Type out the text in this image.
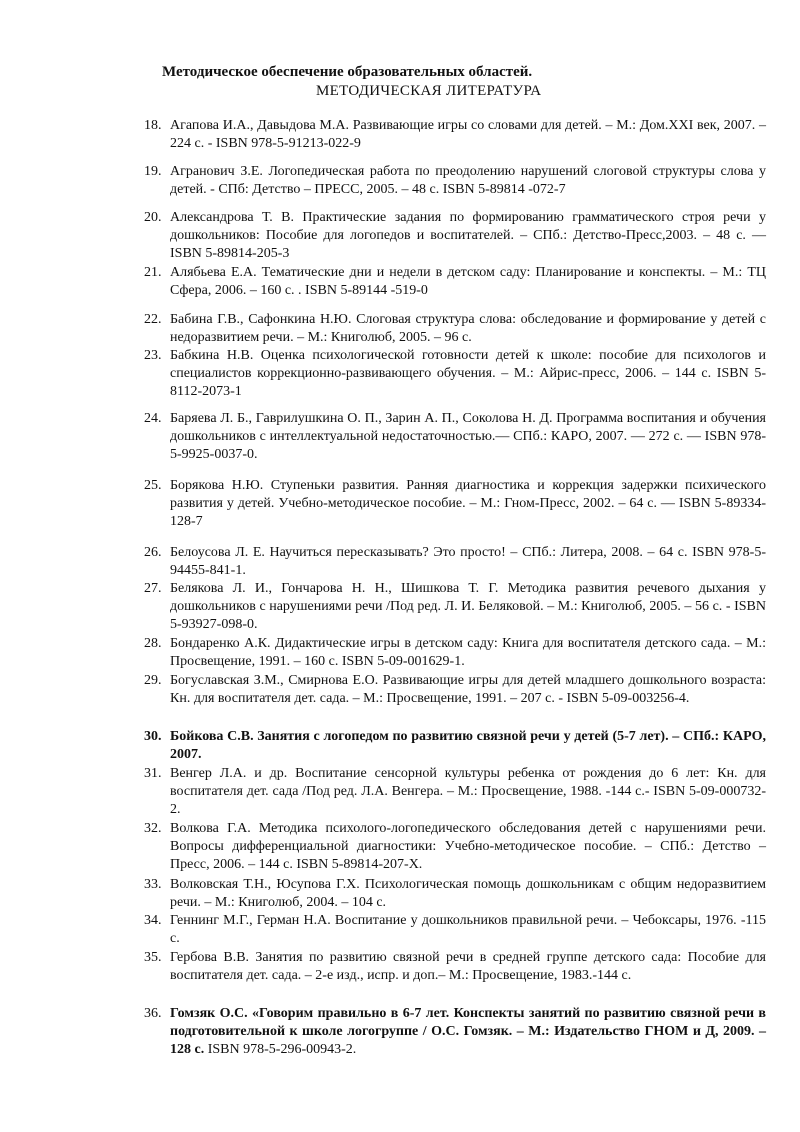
Методическое обеспечение образовательных областей.
МЕТОДИЧЕСКАЯ ЛИТЕРАТУРА
18. Агапова И.А., Давыдова М.А. Развивающие игры со словами для детей. – М.: Дом.XXI век, 2007. – 224 с. - ISBN 978-5-91213-022-9
19. Агранович З.Е. Логопедическая работа по преодолению нарушений слоговой структуры слова у детей. - СПб: Детство – ПРЕСС, 2005. – 48 с. ISBN 5-89814 -072-7
20. Александрова Т. В. Практические задания по формированию грамматического строя речи у дошкольников: Пособие для логопедов и воспитателей. – СПб.: Детство-Пресс,2003. – 48 с. — ISBN 5-89814-205-3
21. Алябьева Е.А. Тематические дни и недели в детском саду: Планирование и конспекты. – М.: ТЦ Сфера, 2006. – 160 с. . ISBN 5-89144 -519-0
22. Бабина Г.В., Сафонкина Н.Ю. Слоговая структура слова: обследование и формирование у детей с недоразвитием речи. – М.: Книголюб, 2005. – 96 с.
23. Бабкина Н.В. Оценка психологической готовности детей к школе: пособие для психологов и специалистов коррекционно-развивающего обучения. – М.: Айрис-пресс, 2006. – 144 с. ISBN 5-8112-2073-1
24. Баряева Л. Б., Гаврилушкина О. П., Зарин А. П., Соколова Н. Д. Программа воспитания и обучения дошкольников с интеллектуальной недостаточностью.— СПб.: КАРО, 2007. — 272 с. — ISBN 978-5-9925-0037-0.
25. Борякова Н.Ю. Ступеньки развития. Ранняя диагностика и коррекция задержки психического развития у детей. Учебно-методическое пособие. – М.: Гном-Пресс, 2002. – 64 с. — ISBN 5-89334-128-7
26. Белоусова Л. Е. Научиться пересказывать? Это просто! – СПб.: Литера, 2008. – 64 с. ISBN 978-5-94455-841-1.
27. Белякова Л. И., Гончарова Н. Н., Шишкова Т. Г. Методика развития речевого дыхания у дошкольников с нарушениями речи /Под ред. Л. И. Беляковой. – М.: Книголюб, 2005. – 56 с. - ISBN 5-93927-098-0.
28. Бондаренко А.К. Дидактические игры в детском саду: Книга для воспитателя детского сада. – М.: Просвещение, 1991. – 160 с. ISBN 5-09-001629-1.
29. Богуславская З.М., Смирнова Е.О. Развивающие игры для детей младшего дошкольного возраста: Кн. для воспитателя дет. сада. – М.: Просвещение, 1991. – 207 с. - ISBN 5-09-003256-4.
30. Бойкова С.В. Занятия с логопедом по развитию связной речи у детей (5-7 лет). – СПб.: КАРО, 2007.
31. Венгер Л.А. и др. Воспитание сенсорной культуры ребенка от рождения до 6 лет: Кн. для воспитателя дет. сада /Под ред. Л.А. Венгера. – М.: Просвещение, 1988. -144 с.- ISBN 5-09-000732-2.
32. Волкова Г.А. Методика психолого-логопедического обследования детей с нарушениями речи. Вопросы дифференциальной диагностики: Учебно-методическое пособие. – СПб.: Детство – Пресс, 2006. – 144 с. ISBN 5-89814-207-Х.
33. Волковская Т.Н., Юсупова Г.Х. Психологическая помощь дошкольникам с общим недоразвитием речи. – М.: Книголюб, 2004. – 104 с.
34. Геннинг М.Г., Герман Н.А. Воспитание у дошкольников правильной речи. – Чебоксары, 1976. -115 с.
35. Гербова В.В. Занятия по развитию связной речи в средней группе детского сада: Пособие для воспитателя дет. сада. – 2-е изд., испр. и доп.– М.: Просвещение, 1983.-144 с.
36. Гомзяк О.С. «Говорим правильно в 6-7 лет. Конспекты занятий по развитию связной речи в подготовительной к школе логогруппе / О.С. Гомзяк. – М.: Издательство ГНОМ и Д, 2009. – 128 с. ISBN 978-5-296-00943-2.
